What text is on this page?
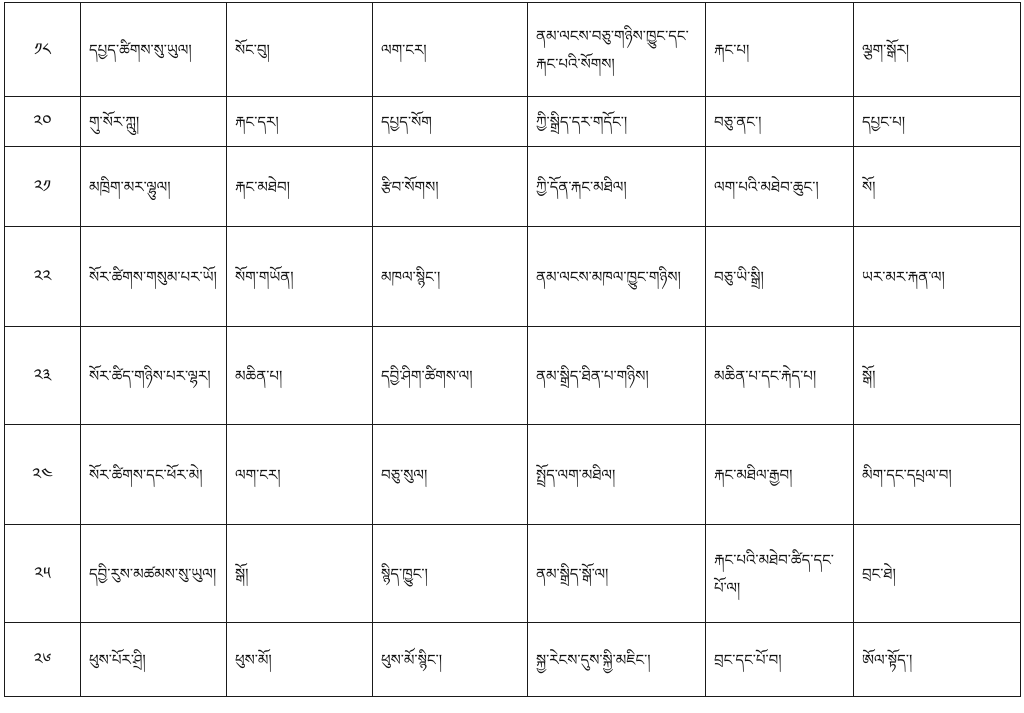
༡༨	དཔྱད་ཚིགས་སུ་ཡུལ།	སོང་བུ།	ལག་ངར།	ནམ་ལངས་བཅུ་གཉིས་ཁྱུང་དང་རྐང་པའི་སོགས།	རྐང་པ།	ལྕག་སྒོར།
༢༠	གུ་སོར་ཀླུ།	རྐང་དར།	དཔྱད་སོག	ཀྱི་སྒྲིད་དར་གདོང་།	བཅུ་ནང་།	དཔྱང་པ།
༢༡	མཁྲིག་མར་ལྷུལ།	རྐང་མཐེབ།	རྩིབ་སོགས།	ཀྱི་དོན་རྐང་མཐིལ།	ལག་པའི་མཐེབ་ཆུང་།	སོ།
༢༢	སོར་ཚིགས་གསུམ་པར་ཡོ།	སོག་གཡོན།	མཁལ་སྙིང་།	ནམ་ལངས་མཁལ་ཁྱུང་གཉིས།	བཅུ་ཡི་སྒྲི།	ཡར་མར་རྐན་ལ།
༢༣	སོར་ཚིད་གཉིས་པར་ལྷར།	མཆིན་པ།	དབྱི་ཤིག་ཚིགས་ལ།	ནམ་སྒྲིད་ཐིན་པ་གཉིས།	མཆིན་པ་དང་རྐེད་པ།	སྒོ།
༢༤	སོར་ཚིགས་དང་ཕོར་མེ།	ལག་ངར།	བཅུ་སུལ།	སྤྲོད་ལག་མཐིལ།	རྐང་མཐིལ་རྒྱབ།	མིག་དང་དཔྲལ་བ།
༢༥	དབྱི་རུས་མཚམས་སུ་ཡུལ།	སྒོ།	སྙིད་ཁྱུང་།	ནམ་སྒྲིད་སྒོ་ལ།	རྐང་པའི་མཐེབ་ཚིད་དང་པོ་ལ།	བྲང་ཐེ།
༢༦	ཕུས་པོར་ཤྲི།	ཕུས་མོ།	ཕུས་མོ་སྙིང་།	སྐྱ་རེངས་དུས་སྐྱི་མཇིང་།	བྲང་དང་པོ་བ།	ཨོལ་སྟོད་།
